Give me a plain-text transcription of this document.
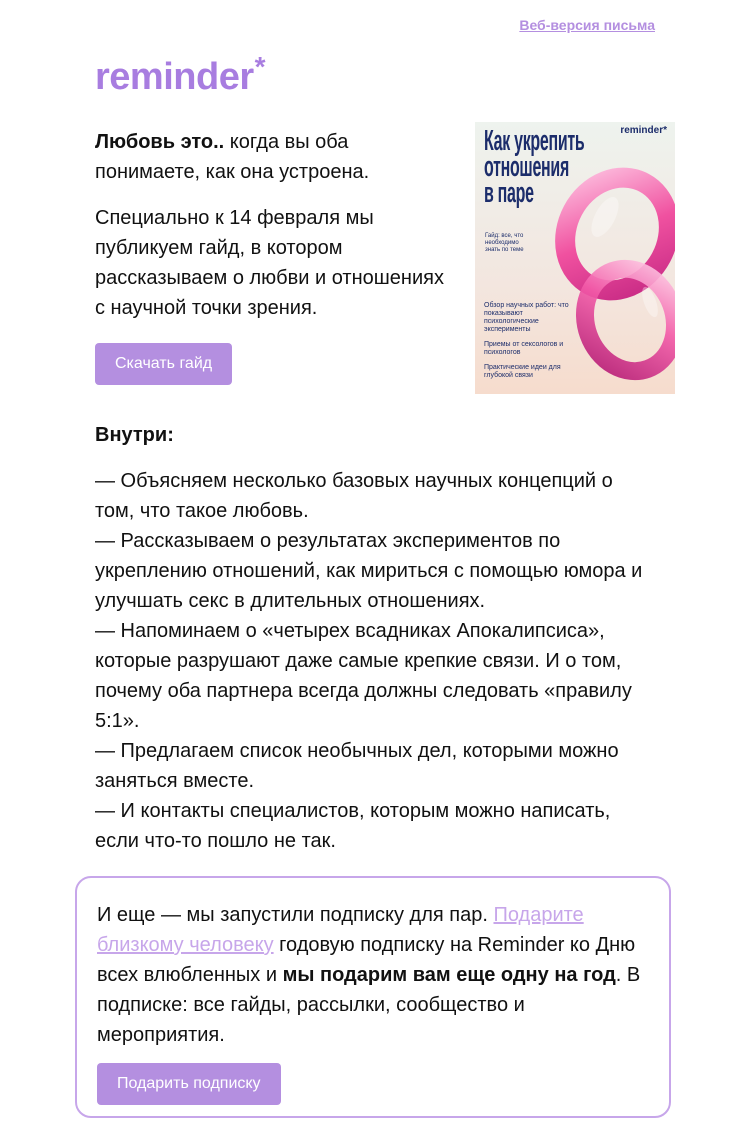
Веб-версия письма
reminder *

Любовь это.. когда вы оба понимаете, как она устроена.

Специально к 14 февраля мы публикуем гайд, в котором рассказываем о любви и отношениях с научной точки зрения.

Скачать гайд
reminder*
Как укрепить
отношения
в паре
Гайд: все, что необходимо знать по теме
Обзор научных работ: что показывают психологические эксперименты
Приемы от сексологов и психологов
Практические идеи для глубокой связи
Внутри:
— Объясняем несколько базовых научных концепций о том, что такое любовь.
— Рассказываем о результатах экспериментов по укреплению отношений, как мириться с помощью юмора и улучшать секс в длительных отношениях.
— Напоминаем о «четырех всадниках Апокалипсиса», которые разрушают даже самые крепкие связи. И о том, почему оба партнера всегда должны следовать «правилу 5:1».
— Предлагаем список необычных дел, которыми можно заняться вместе.
— И контакты специалистов, которым можно написать, если что-то пошло не так.
И еще — мы запустили подписку для пар. Подарите близкому человеку годовую подписку на Reminder ко Дню всех влюбленных и мы подарим вам еще одну на год. В подписке: все гайды, рассылки, сообщество и мероприятия.
Подарить подписку
